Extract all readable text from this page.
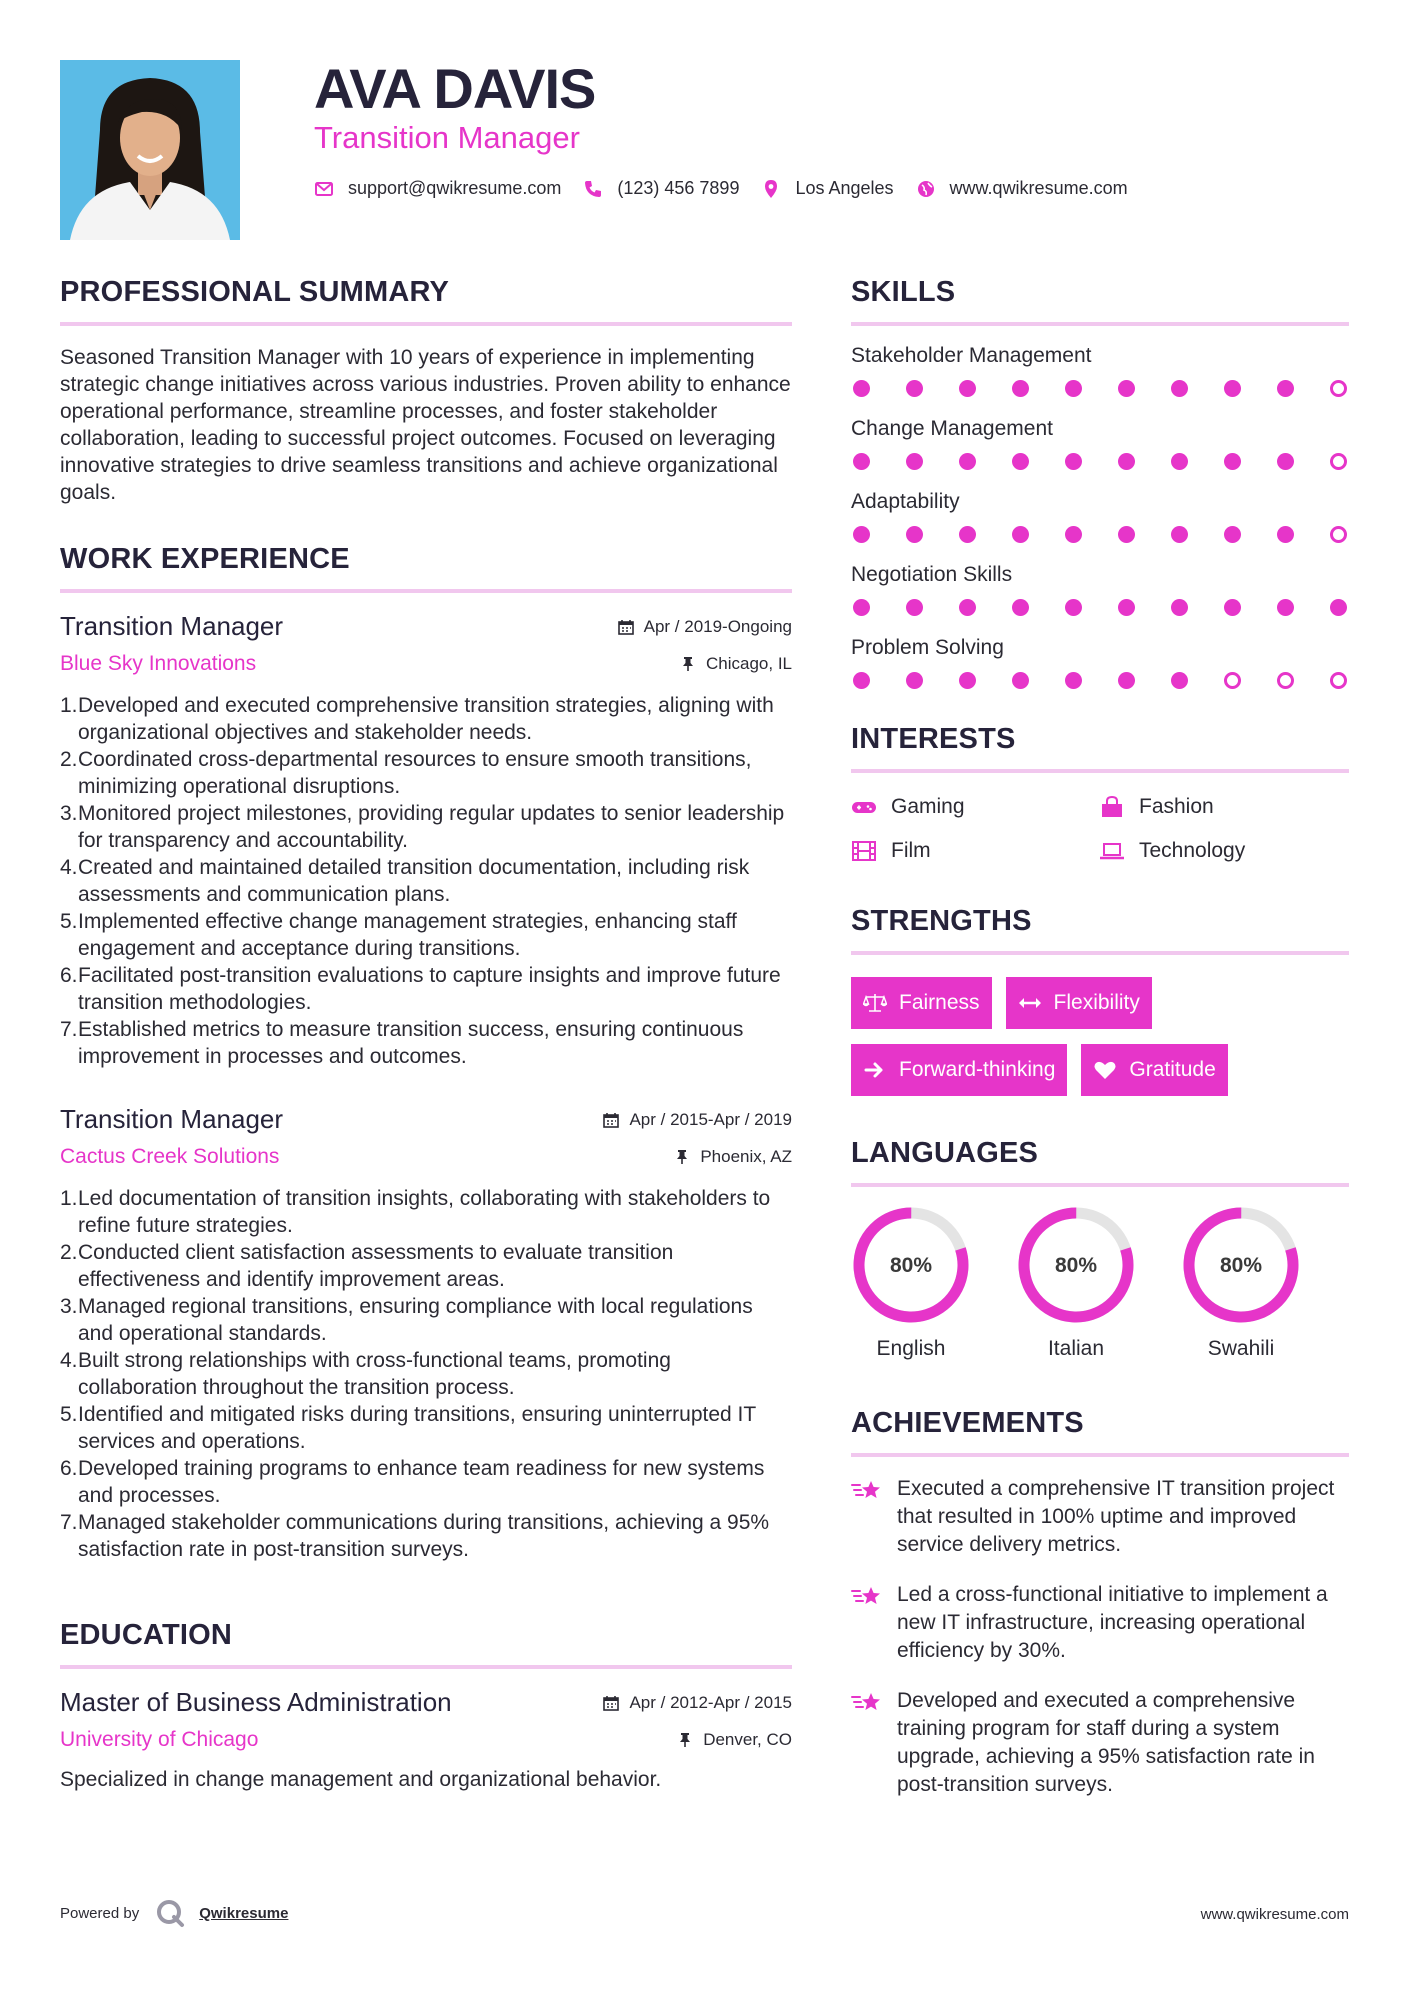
AVA DAVIS
Transition Manager
support@qwikresume.com	(123) 456 7899	Los Angeles	www.qwikresume.com
PROFESSIONAL SUMMARY

Seasoned Transition Manager with 10 years of experience in implementing strategic change initiatives across various industries. Proven ability to enhance operational performance, streamline processes, and foster stakeholder collaboration, leading to successful project outcomes. Focused on leveraging innovative strategies to drive seamless transitions and achieve organizational goals.

WORK EXPERIENCE
Transition Manager	Apr / 2019-Ongoing
Blue Sky Innovations	Chicago, IL
1. Developed and executed comprehensive transition strategies, aligning with organizational objectives and stakeholder needs.
2. Coordinated cross-departmental resources to ensure smooth transitions, minimizing operational disruptions.
3. Monitored project milestones, providing regular updates to senior leadership for transparency and accountability.
4. Created and maintained detailed transition documentation, including risk assessments and communication plans.
5. Implemented effective change management strategies, enhancing staff engagement and acceptance during transitions.
6. Facilitated post-transition evaluations to capture insights and improve future transition methodologies.
7. Established metrics to measure transition success, ensuring continuous improvement in processes and outcomes.
Transition Manager	Apr / 2015-Apr / 2019
Cactus Creek Solutions	Phoenix, AZ
1. Led documentation of transition insights, collaborating with stakeholders to refine future strategies.
2. Conducted client satisfaction assessments to evaluate transition effectiveness and identify improvement areas.
3. Managed regional transitions, ensuring compliance with local regulations and operational standards.
4. Built strong relationships with cross-functional teams, promoting collaboration throughout the transition process.
5. Identified and mitigated risks during transitions, ensuring uninterrupted IT services and operations.
6. Developed training programs to enhance team readiness for new systems and processes.
7. Managed stakeholder communications during transitions, achieving a 95% satisfaction rate in post-transition surveys.
EDUCATION
Master of Business Administration	Apr / 2012-Apr / 2015
University of Chicago	Denver, CO

Specialized in change management and organizational behavior.

SKILLS
Stakeholder Management
Change Management
Adaptability
Negotiation Skills
Problem Solving
INTERESTS
Gaming	Fashion
Film	Technology
STRENGTHS
Fairness	Flexibility
Forward-thinking	Gratitude
LANGUAGES
80%
English
80%
Italian
80%
Swahili
ACHIEVEMENTS
Executed a comprehensive IT transition project that resulted in 100% uptime and improved service delivery metrics.
Led a cross-functional initiative to implement a new IT infrastructure, increasing operational efficiency by 30%.
Developed and executed a comprehensive training program for staff during a system upgrade, achieving a 95% satisfaction rate in post-transition surveys.
Powered by	Qwikresume	www.qwikresume.com
